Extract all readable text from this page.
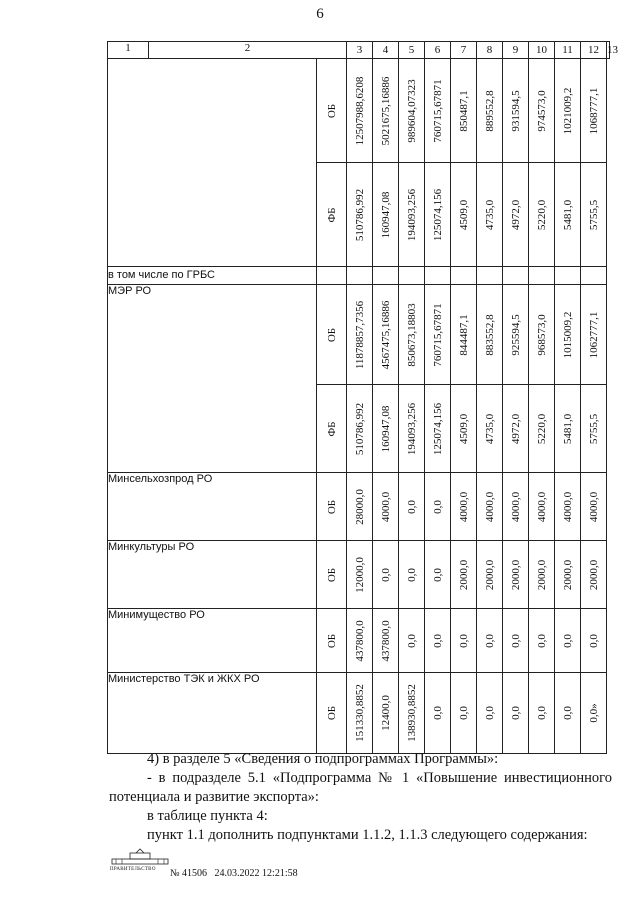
6
1 2		3	4	5	6	7	8	9	10	11	12	13

	ОБ	12507988,6208	5021675,16886	989604,07323	760715,67871	850487,1	889552,8	931594,5	974573,0	1021009,2	1068777,1	

	ФБ	510786,992	160947,08	194093,256	125074,156	4509,0	4735,0	4972,0	5220,0	5481,0	5755,5	

в том числе по ГРБС												
МЭР РО	ОБ	11878857,7356	4567475,16886	850673,18803	760715,67871	844487,1	883552,8	925594,5	968573,0	1015009,2	1062777,1	

	ФБ	510786,992	160947,08	194093,256	125074,156	4509,0	4735,0	4972,0	5220,0	5481,0	5755,5	

Минсельхозпрод РО	ОБ	28000,0	4000,0	0,0	0,0	4000,0	4000,0	4000,0	4000,0	4000,0	4000,0	

Минкультуры РО	ОБ	12000,0	0,0	0,0	0,0	2000,0	2000,0	2000,0	2000,0	2000,0	2000,0	

Минимущество РО	ОБ	437800,0	437800,0	0,0	0,0	0,0	0,0	0,0	0,0	0,0	0,0	

Министерство ТЭК и ЖКХ РО	ОБ	151330,8852	12400,0	138930,8852	0,0	0,0	0,0	0,0	0,0	0,0	0,0»	

4) в разделе 5 «Сведения о подпрограммах Программы»:

- в подразделе 5.1 «Подпрограмма № 1 «Повышение инвестиционного потенциала и развитие экспорта»:

в таблице пункта 4:

пункт 1.1 дополнить подпунктами 1.1.2, 1.1.3 следующего содержания:

ПРАВИТЕЛЬСТВО	№ 41506 24.03.2022 12:21:58
